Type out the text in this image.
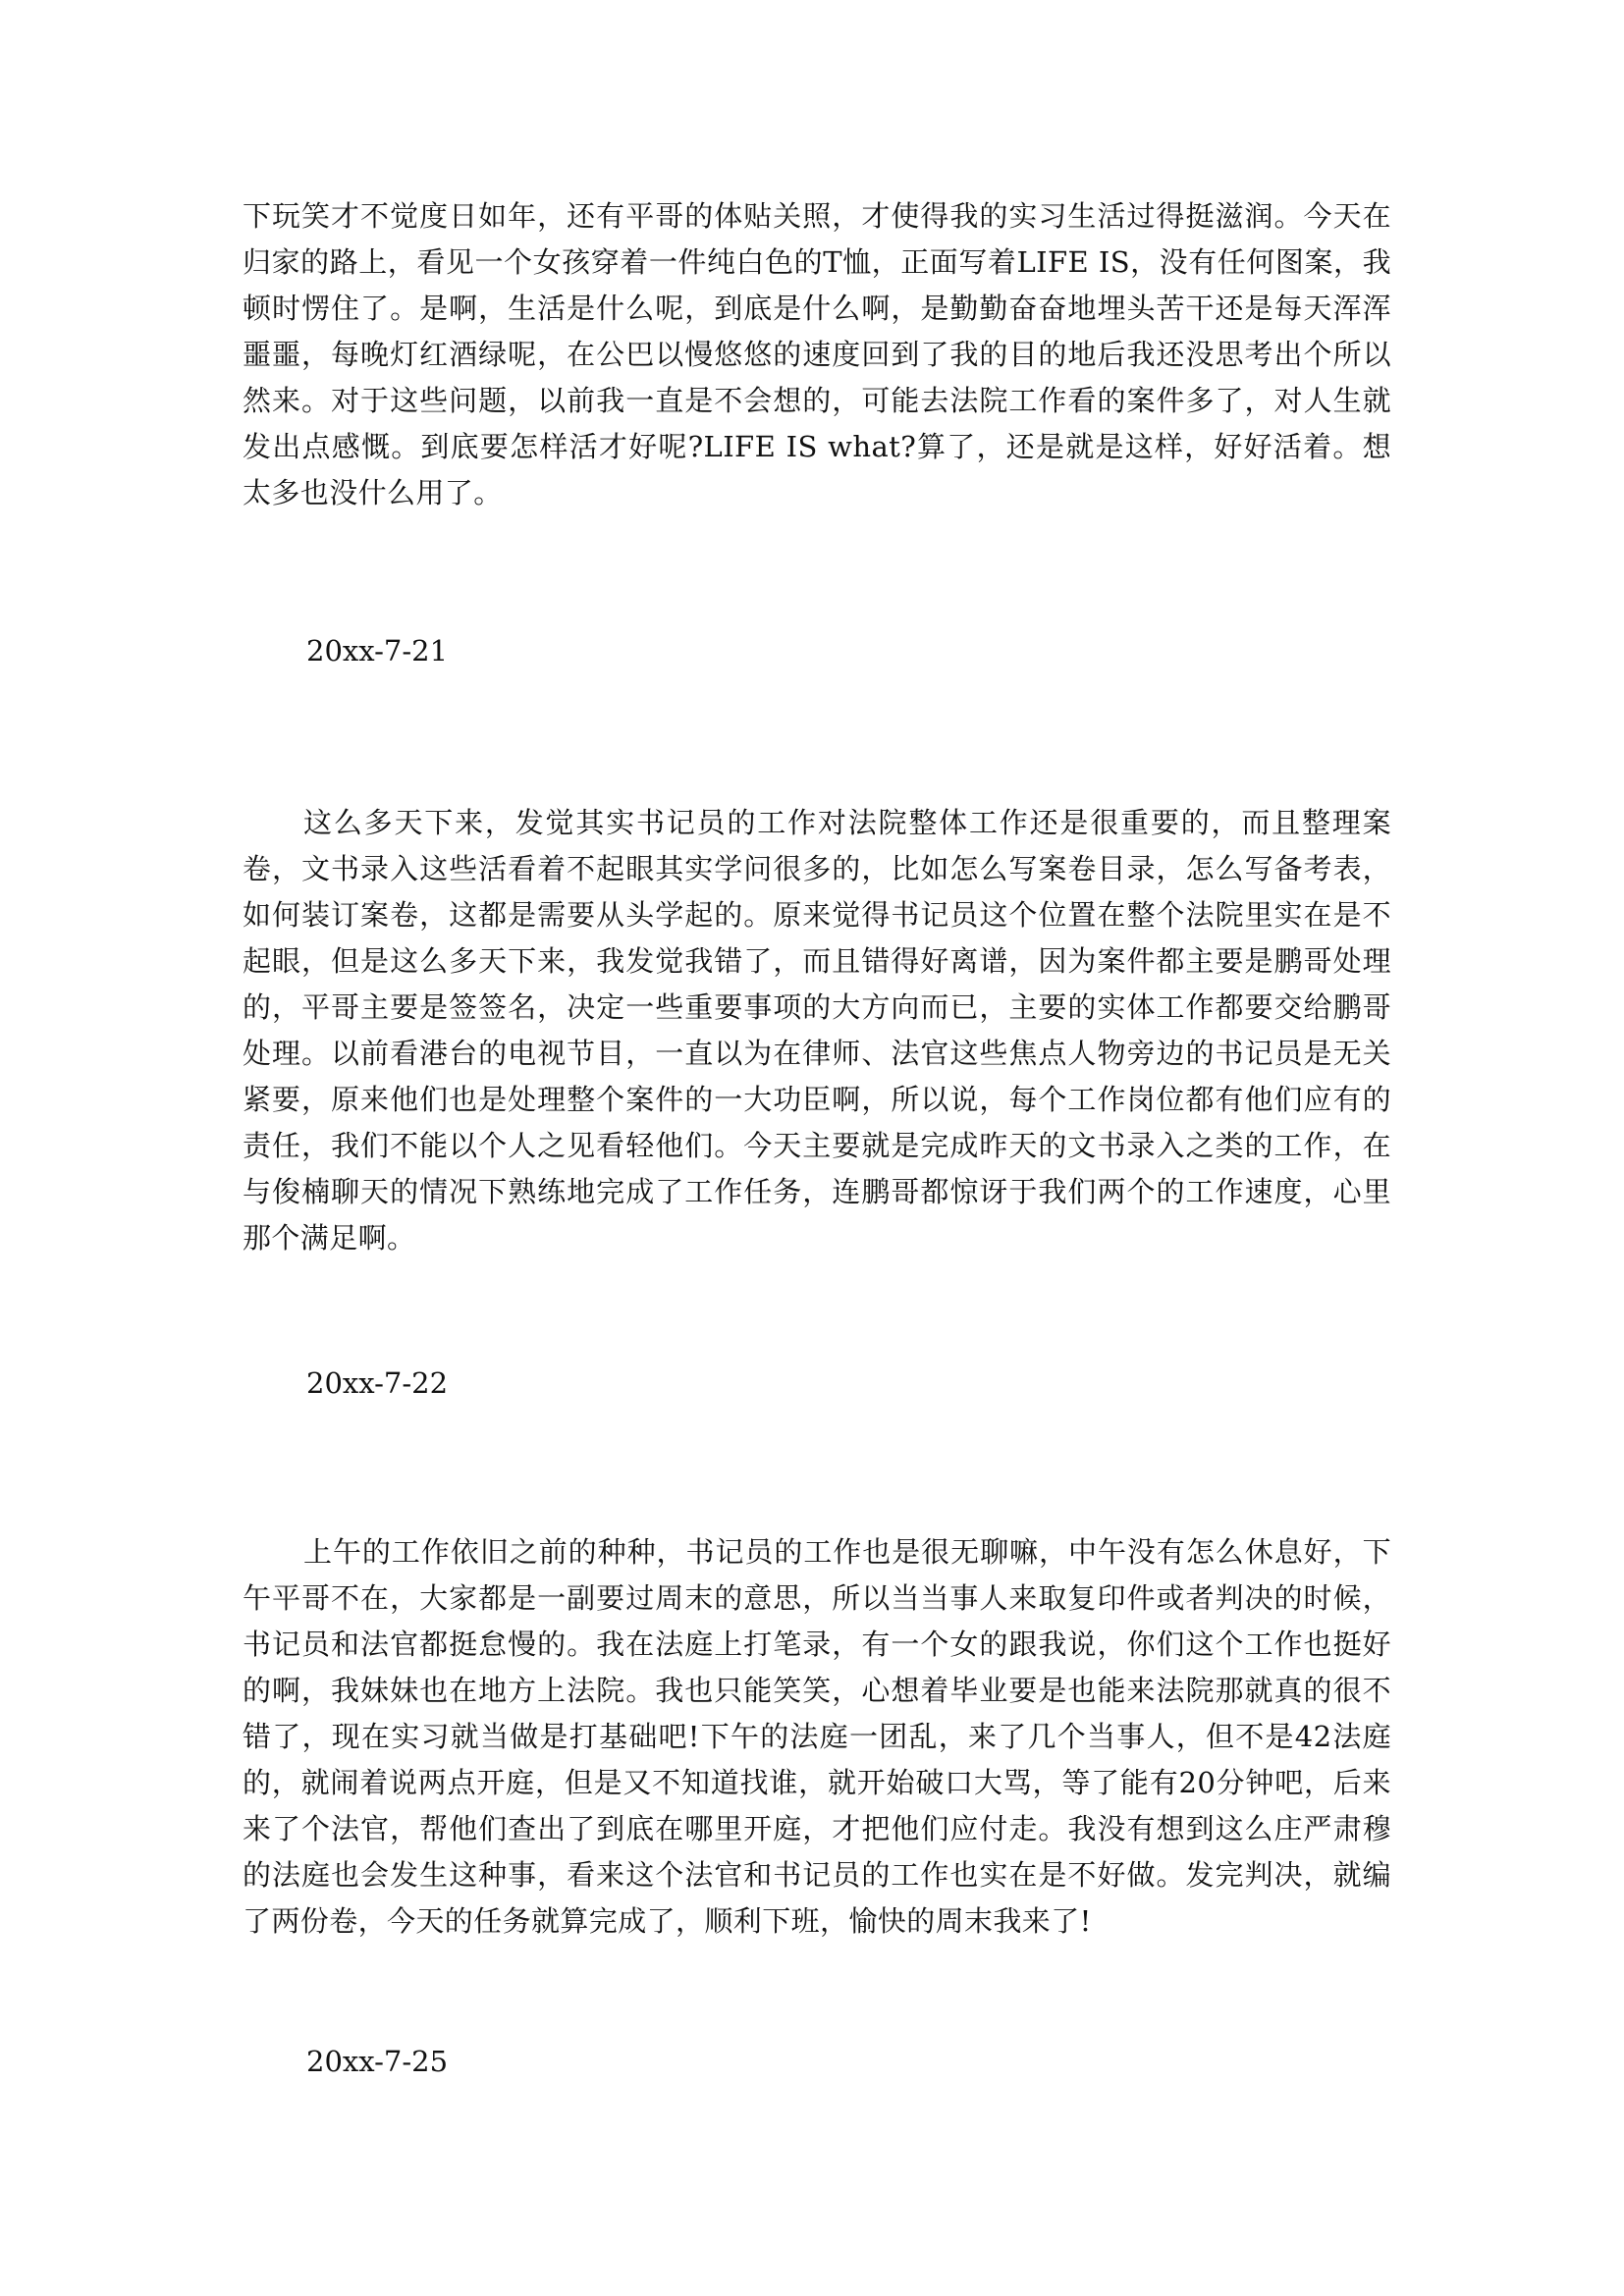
下玩笑才不觉度日如年，还有平哥的体贴关照，才使得我的实习生活过得挺滋润。今天在归家的路上，看见一个女孩穿着一件纯白色的T恤，正面写着LIFE IS，没有任何图案，我顿时愣住了。是啊，生活是什么呢，到底是什么啊，是勤勤奋奋地埋头苦干还是每天浑浑噩噩，每晚灯红酒绿呢，在公巴以慢悠悠的速度回到了我的目的地后我还没思考出个所以然来。对于这些问题，以前我一直是不会想的，可能去法院工作看的案件多了，对人生就发出点感慨。到底要怎样活才好呢?LIFE IS what?算了，还是就是这样，好好活着。想太多也没什么用了。

20xx-7-21

这么多天下来，发觉其实书记员的工作对法院整体工作还是很重要的，而且整理案卷，文书录入这些活看着不起眼其实学问很多的，比如怎么写案卷目录，怎么写备考表，如何装订案卷，这都是需要从头学起的。原来觉得书记员这个位置在整个法院里实在是不起眼，但是这么多天下来，我发觉我错了，而且错得好离谱，因为案件都主要是鹏哥处理的，平哥主要是签签名，决定一些重要事项的大方向而已，主要的实体工作都要交给鹏哥处理。以前看港台的电视节目，一直以为在律师、法官这些焦点人物旁边的书记员是无关紧要，原来他们也是处理整个案件的一大功臣啊，所以说，每个工作岗位都有他们应有的责任，我们不能以个人之见看轻他们。今天主要就是完成昨天的文书录入之类的工作，在与俊楠聊天的情况下熟练地完成了工作任务，连鹏哥都惊讶于我们两个的工作速度，心里那个满足啊。

20xx-7-22

上午的工作依旧之前的种种，书记员的工作也是很无聊嘛，中午没有怎么休息好，下午平哥不在，大家都是一副要过周末的意思，所以当当事人来取复印件或者判决的时候，书记员和法官都挺怠慢的。我在法庭上打笔录，有一个女的跟我说，你们这个工作也挺好的啊，我妹妹也在地方上法院。我也只能笑笑，心想着毕业要是也能来法院那就真的很不错了，现在实习就当做是打基础吧!下午的法庭一团乱，来了几个当事人，但不是42法庭的，就闹着说两点开庭，但是又不知道找谁，就开始破口大骂，等了能有20分钟吧，后来来了个法官，帮他们查出了到底在哪里开庭，才把他们应付走。我没有想到这么庄严肃穆的法庭也会发生这种事，看来这个法官和书记员的工作也实在是不好做。发完判决，就编了两份卷，今天的任务就算完成了，顺利下班，愉快的周末我来了!

20xx-7-25
